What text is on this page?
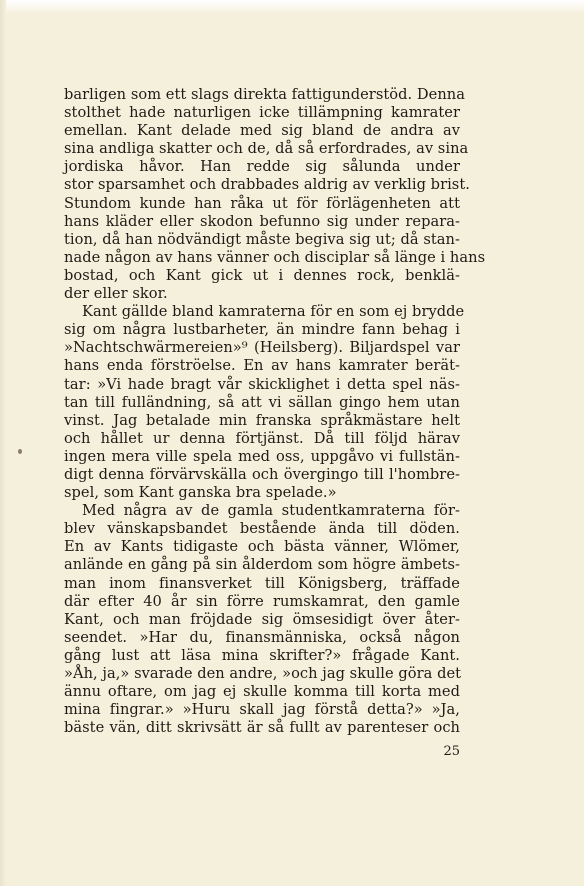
barligen som ett slags direkta fattigunderstöd. Denna
stolthet hade naturligen icke tillämpning kamrater
emellan. Kant delade med sig bland de andra av
sina andliga skatter och de, då så erfordrades, av sina
jordiska håvor. Han redde sig sålunda under
stor sparsamhet och drabbades aldrig av verklig brist.
Stundom kunde han råka ut för förlägenheten att
hans kläder eller skodon befunno sig under repara-
tion, då han nödvändigt måste begiva sig ut; då stan-
nade någon av hans vänner och disciplar så länge i hans
bostad, och Kant gick ut i dennes rock, benklä-
der eller skor.
Kant gällde bland kamraterna för en som ej brydde
sig om några lustbarheter, än mindre fann behag i
»Nachtschwärmereien»⁹ (Heilsberg). Biljardspel var
hans enda förströelse. En av hans kamrater berät-
tar: »Vi hade bragt vår skicklighet i detta spel näs-
tan till fulländning, så att vi sällan gingo hem utan
vinst. Jag betalade min franska språkmästare helt
och hållet ur denna förtjänst. Då till följd härav
ingen mera ville spela med oss, uppgåvo vi fullstän-
digt denna förvärvskälla och övergingo till l'hombre-
spel, som Kant ganska bra spelade.»
Med några av de gamla studentkamraterna för-
blev vänskapsbandet bestående ända till döden.
En av Kants tidigaste och bästa vänner, Wlömer,
anlände en gång på sin ålderdom som högre ämbets-
man inom finansverket till Königsberg, träffade
där efter 40 år sin förre rumskamrat, den gamle
Kant, och man fröjdade sig ömsesidigt över åter-
seendet. »Har du, finansmänniska, också någon
gång lust att läsa mina skrifter?» frågade Kant.
»Åh, ja,» svarade den andre, »och jag skulle göra det
ännu oftare, om jag ej skulle komma till korta med
mina fingrar.» »Huru skall jag förstå detta?» »Ja,
bäste vän, ditt skrivsätt är så fullt av parenteser och
25
